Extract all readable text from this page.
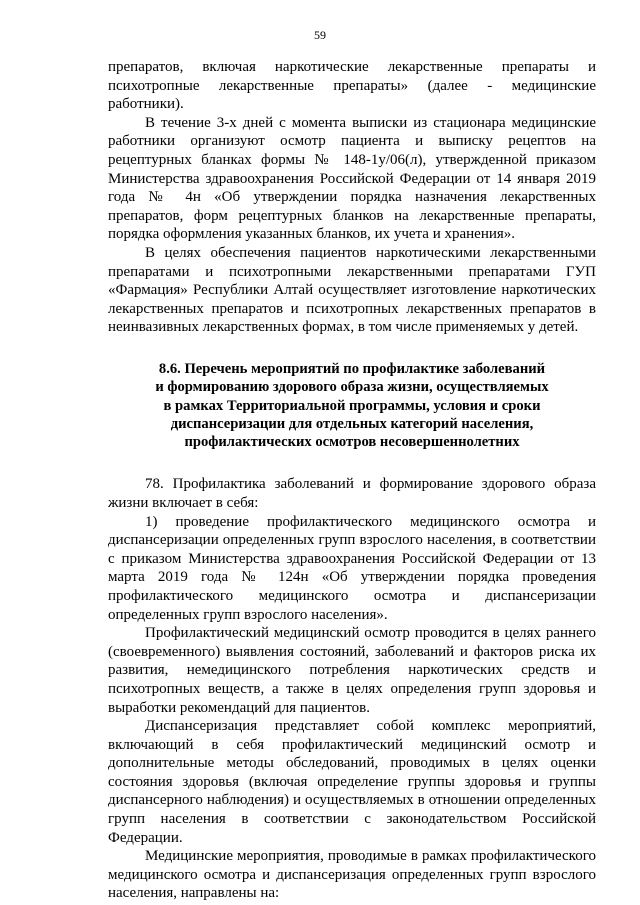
59

препаратов, включая наркотические лекарственные препараты и психотропные лекарственные препараты» (далее - медицинские работники).

В течение 3-х дней с момента выписки из стационара медицинские работники организуют осмотр пациента и выписку рецептов на рецептурных бланках формы № 148-1у/06(л), утвержденной приказом Министерства здравоохранения Российской Федерации от 14 января 2019 года № 4н «Об утверждении порядка назначения лекарственных препаратов, форм рецептурных бланков на лекарственные препараты, порядка оформления указанных бланков, их учета и хранения».

В целях обеспечения пациентов наркотическими лекарственными препаратами и психотропными лекарственными препаратами ГУП «Фармация» Республики Алтай осуществляет изготовление наркотических лекарственных препаратов и психотропных лекарственных препаратов в неинвазивных лекарственных формах, в том числе применяемых у детей.

8.6. Перечень мероприятий по профилактике заболеваний
и формированию здорового образа жизни, осуществляемых
в рамках Территориальной программы, условия и сроки
диспансеризации для отдельных категорий населения,
профилактических осмотров несовершеннолетних

78. Профилактика заболеваний и формирование здорового образа жизни включает в себя:

1) проведение профилактического медицинского осмотра и диспансеризации определенных групп взрослого населения, в соответствии с приказом Министерства здравоохранения Российской Федерации от 13 марта 2019 года № 124н «Об утверждении порядка проведения профилактического медицинского осмотра и диспансеризации определенных групп взрослого населения».

Профилактический медицинский осмотр проводится в целях раннего (своевременного) выявления состояний, заболеваний и факторов риска их развития, немедицинского потребления наркотических средств и психотропных веществ, а также в целях определения групп здоровья и выработки рекомендаций для пациентов.

Диспансеризация представляет собой комплекс мероприятий, включающий в себя профилактический медицинский осмотр и дополнительные методы обследований, проводимых в целях оценки состояния здоровья (включая определение группы здоровья и группы диспансерного наблюдения) и осуществляемых в отношении определенных групп населения в соответствии с законодательством Российской Федерации.

Медицинские мероприятия, проводимые в рамках профилактического медицинского осмотра и диспансеризация определенных групп взрослого населения, направлены на:
